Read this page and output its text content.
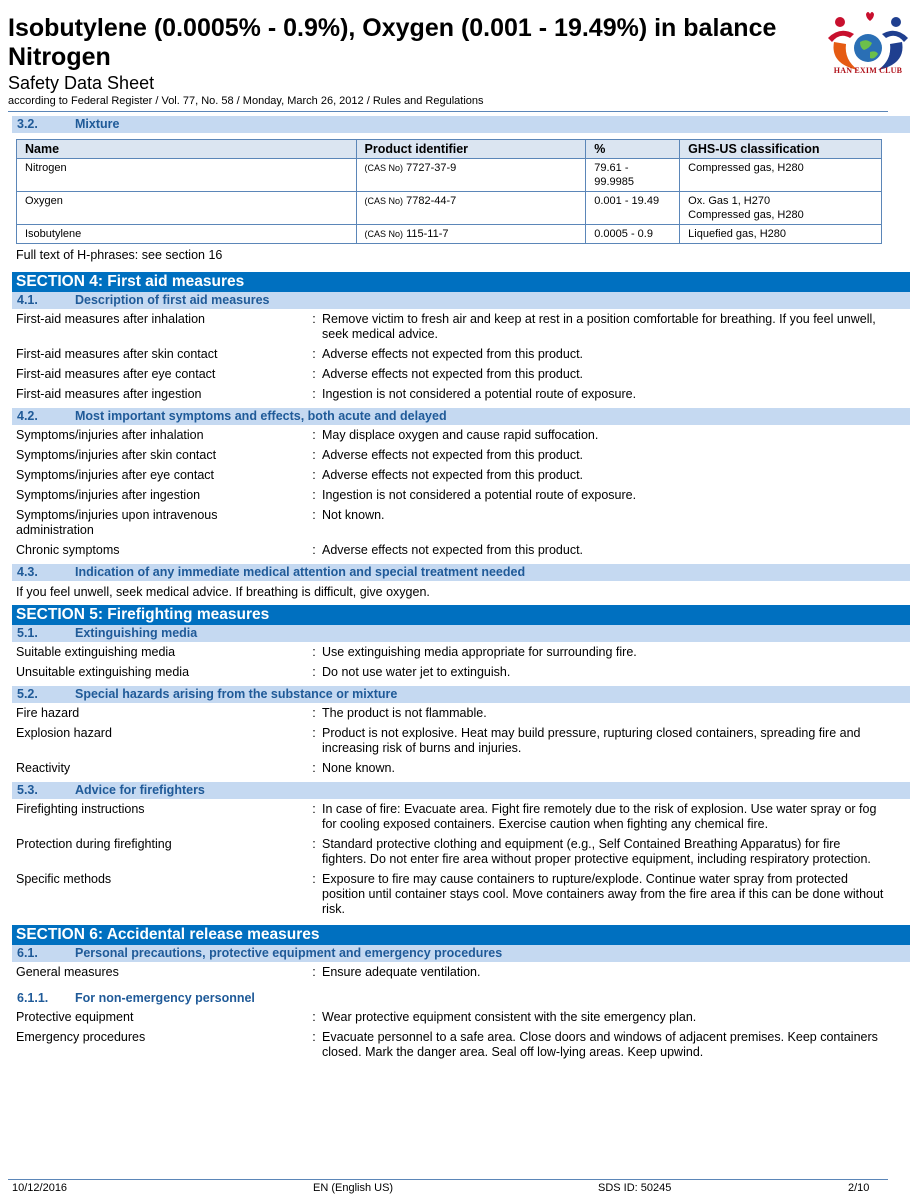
Isobutylene (0.0005% - 0.9%), Oxygen (0.001 - 19.49%) in balance Nitrogen
Safety Data Sheet
according to Federal Register / Vol. 77, No. 58 / Monday, March 26, 2012 / Rules and Regulations
HAN EXIM CLUB
3.2.	Mixture
Name	Product identifier	%	GHS-US classification
Nitrogen	(CAS No) 7727-37-9	79.61 - 99.9985	Compressed gas, H280
Oxygen	(CAS No) 7782-44-7	0.001 - 19.49	Ox. Gas 1, H270
Compressed gas, H280
Isobutylene	(CAS No) 115-11-7	0.0005 - 0.9	Liquefied gas, H280
Full text of H-phrases: see section 16
SECTION 4: First aid measures
4.1.	Description of first aid measures
First-aid measures after inhalation	: Remove victim to fresh air and keep at rest in a position comfortable for breathing. If you feel unwell, seek medical advice.
First-aid measures after skin contact	: Adverse effects not expected from this product.
First-aid measures after eye contact	: Adverse effects not expected from this product.
First-aid measures after ingestion	: Ingestion is not considered a potential route of exposure.
4.2.	Most important symptoms and effects, both acute and delayed
Symptoms/injuries after inhalation	: May displace oxygen and cause rapid suffocation.
Symptoms/injuries after skin contact	: Adverse effects not expected from this product.
Symptoms/injuries after eye contact	: Adverse effects not expected from this product.
Symptoms/injuries after ingestion	: Ingestion is not considered a potential route of exposure.
Symptoms/injuries upon intravenous administration
: Not known.
Chronic symptoms	: Adverse effects not expected from this product.
4.3.	Indication of any immediate medical attention and special treatment needed
If you feel unwell, seek medical advice. If breathing is difficult, give oxygen.
SECTION 5: Firefighting measures
5.1.	Extinguishing media
Suitable extinguishing media	: Use extinguishing media appropriate for surrounding fire.
Unsuitable extinguishing media	: Do not use water jet to extinguish.
5.2.	Special hazards arising from the substance or mixture
Fire hazard	: The product is not flammable.
Explosion hazard	: Product is not explosive. Heat may build pressure, rupturing closed containers, spreading fire and increasing risk of burns and injuries.
Reactivity	: None known.
5.3.	Advice for firefighters
Firefighting instructions	: In case of fire: Evacuate area. Fight fire remotely due to the risk of explosion. Use water spray or fog for cooling exposed containers. Exercise caution when fighting any chemical fire.
Protection during firefighting	: Standard protective clothing and equipment (e.g., Self Contained Breathing Apparatus) for fire fighters. Do not enter fire area without proper protective equipment, including respiratory protection.
Specific methods	: Exposure to fire may cause containers to rupture/explode. Continue water spray from protected position until container stays cool. Move containers away from the fire area if this can be done without risk.
SECTION 6: Accidental release measures
6.1.	Personal precautions, protective equipment and emergency procedures
General measures	: Ensure adequate ventilation.
6.1.1. For non-emergency personnel
Protective equipment	: Wear protective equipment consistent with the site emergency plan.
Emergency procedures	: Evacuate personnel to a safe area. Close doors and windows of adjacent premises. Keep containers closed. Mark the danger area. Seal off low-lying areas. Keep upwind.
10/12/2016	EN (English US)	SDS ID: 50245	2/10
